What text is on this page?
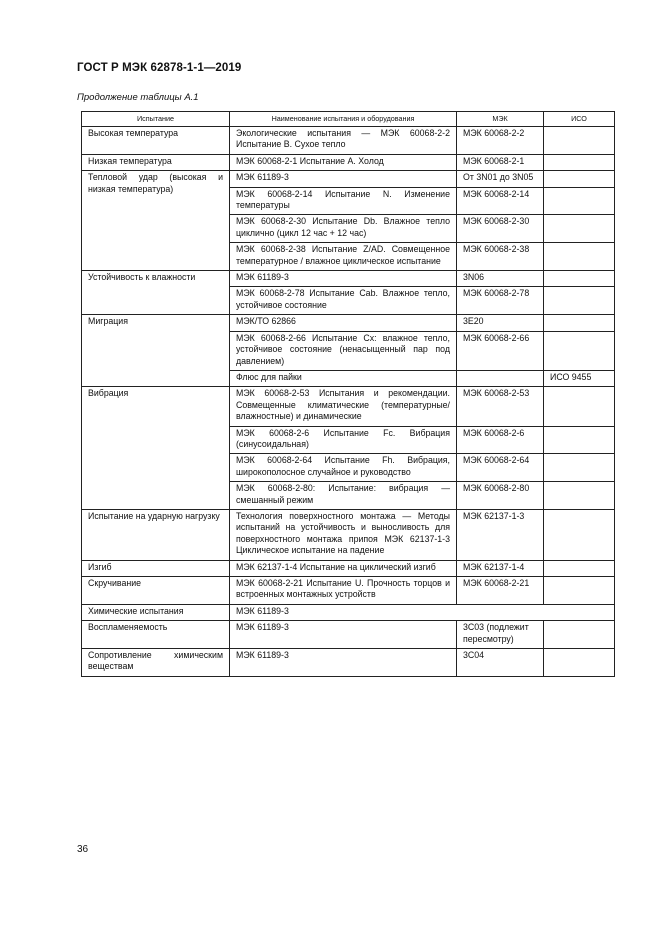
ГОСТ Р МЭК 62878-1-1—2019
Продолжение таблицы А.1
Испытание	Наименование испытания и оборудования	МЭК	ИСО
Высокая температура	Экологические испытания — МЭК 60068-2-2 Испытание В. Сухое тепло	МЭК 60068-2-2	
Низкая температура	МЭК 60068-2-1 Испытание А. Холод	МЭК 60068-2-1	
Тепловой удар (высокая и низкая температура)	МЭК 61189-3	От 3N01 до 3N05	
	МЭК 60068-2-14 Испытание N. Изменение температуры	МЭК 60068-2-14	
	МЭК 60068-2-30 Испытание Db. Влажное тепло циклично (цикл 12 час + 12 час)	МЭК 60068-2-30	
	МЭК 60068-2-38 Испытание Z/AD. Совмещенное температурное / влажное циклическое испытание	МЭК 60068-2-38	
Устойчивость к влажности	МЭК 61189-3	3N06	
	МЭК 60068-2-78 Испытание Cab. Влажное тепло, устойчивое состояние	МЭК 60068-2-78	
Миграция	МЭК/ТО 62866	3E20	
	МЭК 60068-2-66 Испытание Сх: влажное тепло, устойчивое состояние (ненасыщенный пар под давлением)	МЭК 60068-2-66	
	Флюс для пайки		ИСО 9455
Вибрация	МЭК 60068-2-53 Испытания и рекомендации. Совмещенные климатические (температурные/влажностные) и динамические	МЭК 60068-2-53	
	МЭК 60068-2-6 Испытание Fc. Вибрация (синусоидальная)	МЭК 60068-2-6	
	МЭК 60068-2-64 Испытание Fh. Вибрация, широкополосное случайное и руководство	МЭК 60068-2-64	
	МЭК 60068-2-80: Испытание: вибрация — смешанный режим	МЭК 60068-2-80	
Испытание на ударную нагрузку	Технология поверхностного монтажа — Методы испытаний на устойчивость и выносливость для поверхностного монтажа припоя МЭК 62137-1-3 Циклическое испытание на падение	МЭК 62137-1-3	
Изгиб	МЭК 62137-1-4 Испытание на циклический изгиб	МЭК 62137-1-4	
Скручивание	МЭК 60068-2-21 Испытание U. Прочность торцов и встроенных монтажных устройств	МЭК 60068-2-21	
Химические испытания	МЭК 61189-3		
Воспламеняемость	МЭК 61189-3	3C03 (подлежит пересмотру)	
Сопротивление химическим веществам	МЭК 61189-3	3C04	
36
